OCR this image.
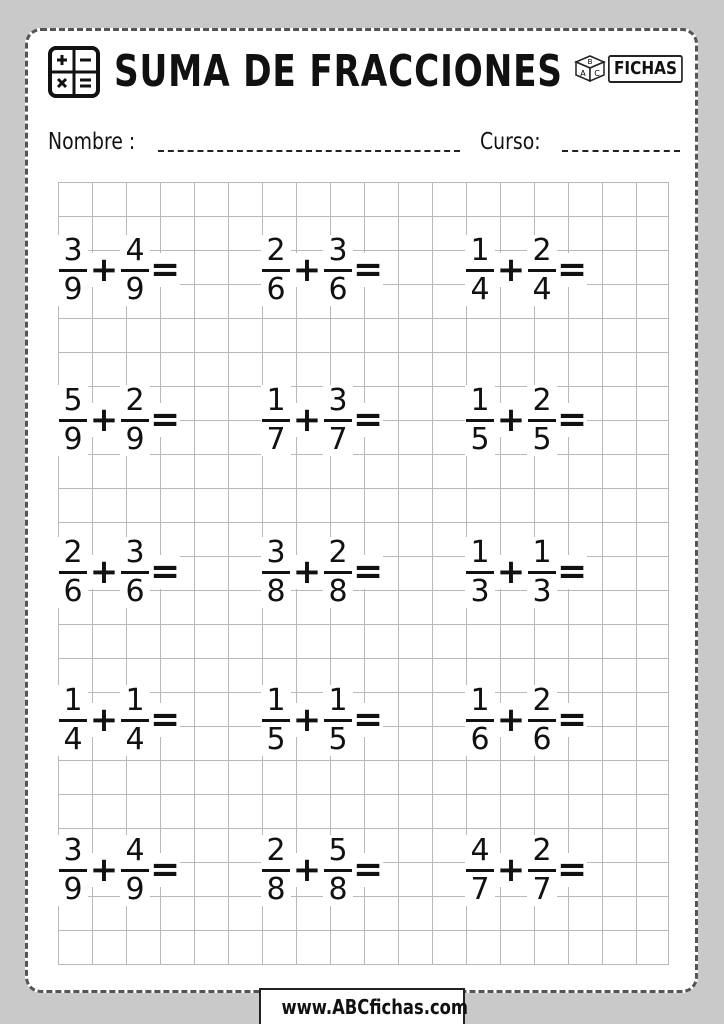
SUMA DE FRACCIONES	B
A C FICHAS
Nombre :	Curso:
$\frac{3}{9} + \frac{4}{9}$ =	$\frac{2}{6} + \frac{3}{6}$ =	$\frac{1}{4} + \frac{2}{4}$ =
$\frac{5}{9} + \frac{2}{9}$ =	$\frac{1}{7} + \frac{3}{7}$ =	$\frac{1}{5} + \frac{2}{5}$ =
$\frac{2}{6} + \frac{3}{6}$ =	$\frac{3}{8} + \frac{2}{8}$ =	$\frac{1}{3} + \frac{1}{3}$ =
$\frac{1}{4} + \frac{1}{4}$ =	$\frac{1}{5} + \frac{1}{5}$ =	$\frac{1}{6} + \frac{2}{6}$ =
$\frac{3}{9} + \frac{4}{9}$ =	$\frac{2}{8} + \frac{5}{8}$ =	$\frac{4}{7} + \frac{2}{7}$ =
www.ABCfichas.com
